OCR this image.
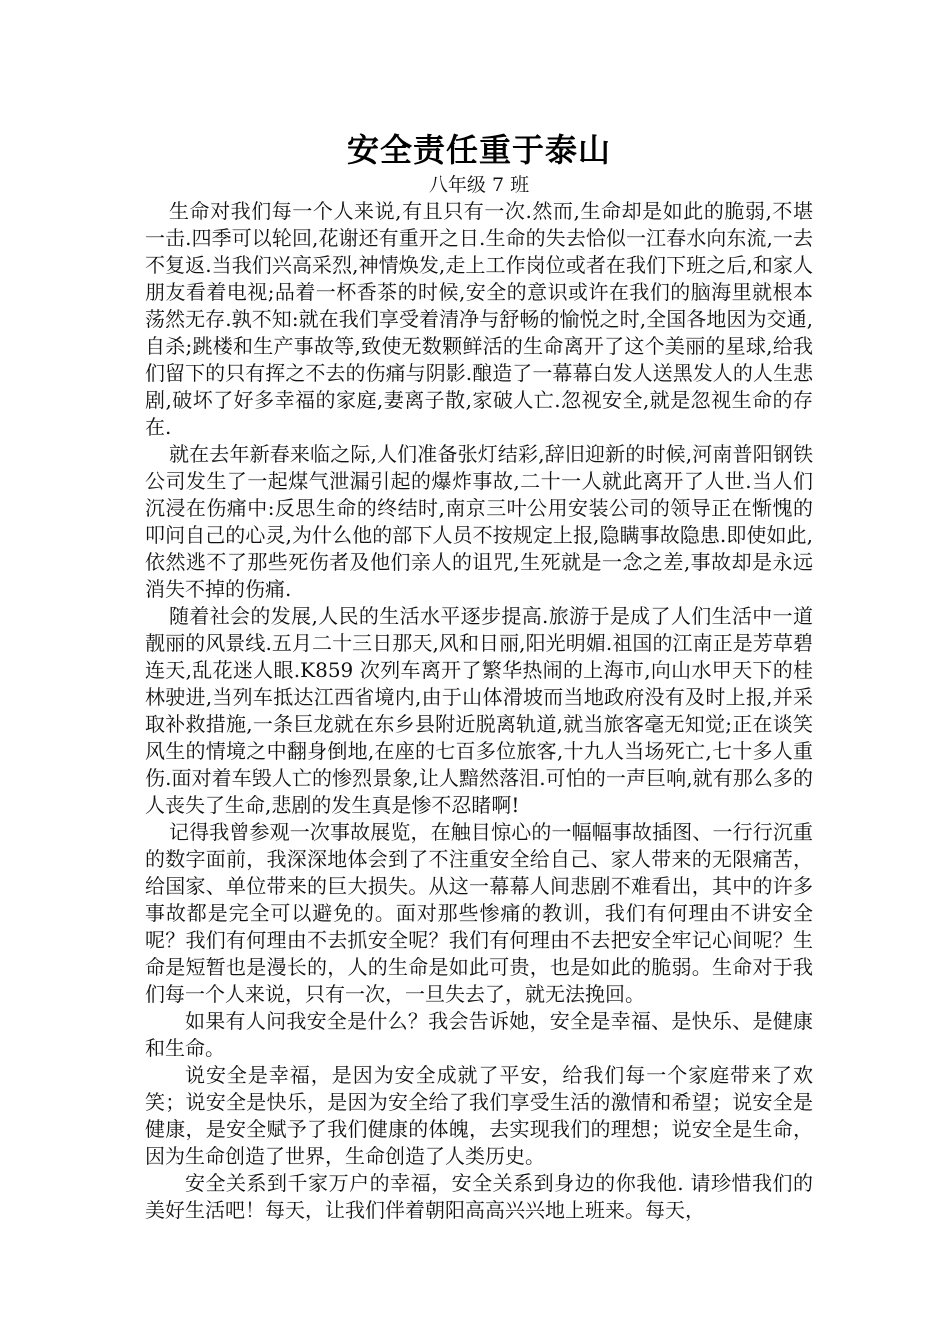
安全责任重于泰山

八年级 7 班

生命对我们每一个人来说,有且只有一次.然而,生命却是如此的脆弱,不堪一击.四季可以轮回,花谢还有重开之日.生命的失去恰似一江春水向东流,一去不复返.当我们兴高采烈,神情焕发,走上工作岗位或者在我们下班之后,和家人朋友看着电视;品着一杯香茶的时候,安全的意识或许在我们的脑海里就根本荡然无存.孰不知:就在我们享受着清净与舒畅的愉悦之时,全国各地因为交通,自杀;跳楼和生产事故等,致使无数颗鲜活的生命离开了这个美丽的星球,给我们留下的只有挥之不去的伤痛与阴影.酿造了一幕幕白发人送黑发人的人生悲剧,破坏了好多幸福的家庭,妻离子散,家破人亡.忽视安全,就是忽视生命的存在.

就在去年新春来临之际,人们准备张灯结彩,辞旧迎新的时候,河南普阳钢铁公司发生了一起煤气泄漏引起的爆炸事故,二十一人就此离开了人世.当人们沉浸在伤痛中:反思生命的终结时,南京三叶公用安装公司的领导正在惭愧的叩问自己的心灵,为什么他的部下人员不按规定上报,隐瞒事故隐患.即使如此,依然逃不了那些死伤者及他们亲人的诅咒,生死就是一念之差,事故却是永远消失不掉的伤痛.

随着社会的发展,人民的生活水平逐步提高.旅游于是成了人们生活中一道靓丽的风景线.五月二十三日那天,风和日丽,阳光明媚.祖国的江南正是芳草碧连天,乱花迷人眼.K859 次列车离开了繁华热闹的上海市,向山水甲天下的桂林驶进,当列车抵达江西省境内,由于山体滑坡而当地政府没有及时上报,并采取补救措施,一条巨龙就在东乡县附近脱离轨道,就当旅客毫无知觉;正在谈笑风生的情境之中翻身倒地,在座的七百多位旅客,十九人当场死亡,七十多人重伤.面对着车毁人亡的惨烈景象,让人黯然落泪.可怕的一声巨响,就有那么多的人丧失了生命,悲剧的发生真是惨不忍睹啊!

记得我曾参观一次事故展览，在触目惊心的一幅幅事故插图、一行行沉重的数字面前，我深深地体会到了不注重安全给自己、家人带来的无限痛苦，给国家、单位带来的巨大损失。从这一幕幕人间悲剧不难看出，其中的许多事故都是完全可以避免的。面对那些惨痛的教训，我们有何理由不讲安全呢？我们有何理由不去抓安全呢？我们有何理由不去把安全牢记心间呢？生命是短暂也是漫长的，人的生命是如此可贵，也是如此的脆弱。生命对于我们每一个人来说，只有一次，一旦失去了，就无法挽回。

如果有人问我安全是什么？我会告诉她，安全是幸福、是快乐、是健康和生命。

说安全是幸福，是因为安全成就了平安，给我们每一个家庭带来了欢笑；说安全是快乐，是因为安全给了我们享受生活的激情和希望；说安全是健康，是安全赋予了我们健康的体魄，去实现我们的理想；说安全是生命，因为生命创造了世界，生命创造了人类历史。

安全关系到千家万户的幸福，安全关系到身边的你我他. 请珍惜我们的美好生活吧！每天，让我们伴着朝阳高高兴兴地上班来。每天，
